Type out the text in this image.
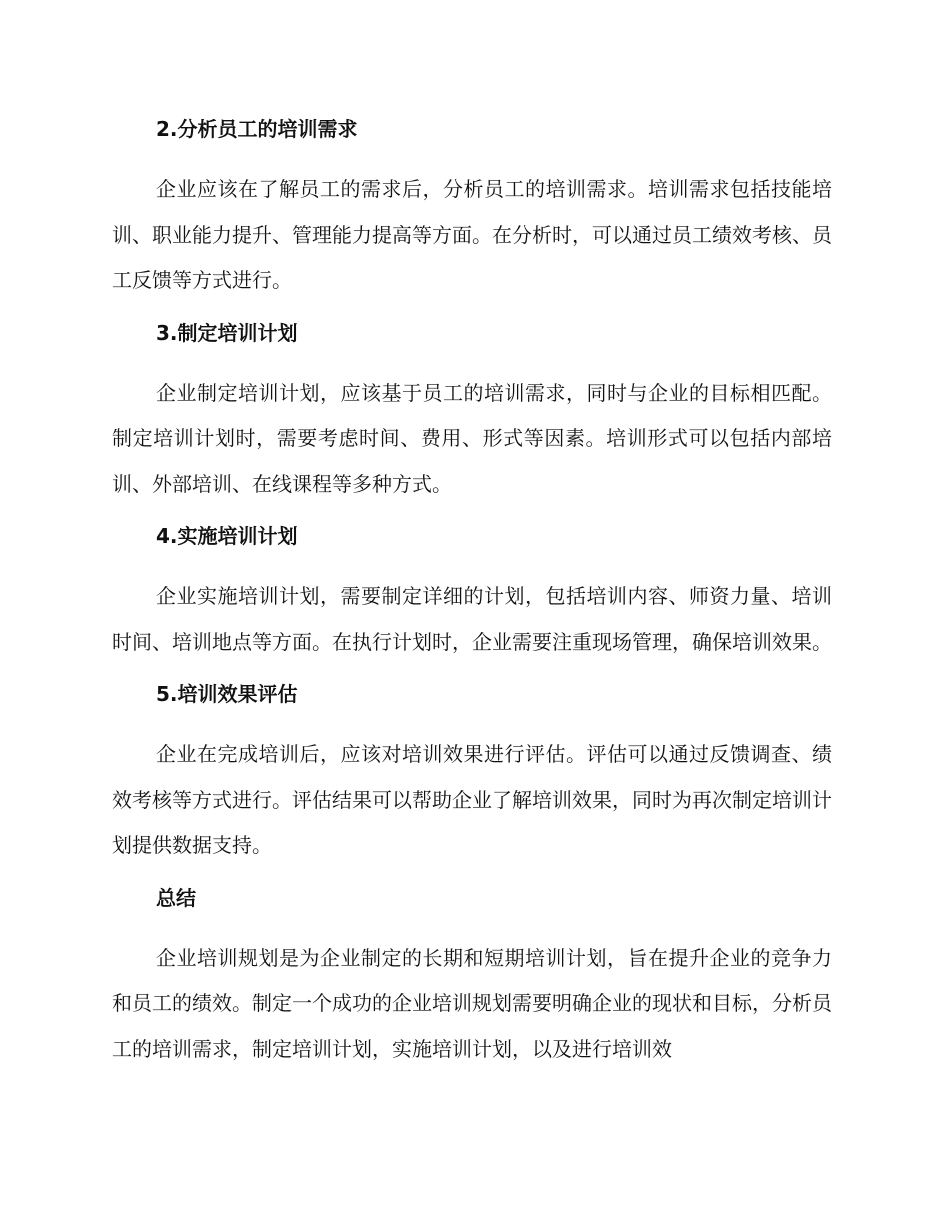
2.分析员工的培训需求

企业应该在了解员工的需求后，分析员工的培训需求。培训需求包括技能培训、职业能力提升、管理能力提高等方面。在分析时，可以通过员工绩效考核、员工反馈等方式进行。

3.制定培训计划

企业制定培训计划，应该基于员工的培训需求，同时与企业的目标相匹配。制定培训计划时，需要考虑时间、费用、形式等因素。培训形式可以包括内部培训、外部培训、在线课程等多种方式。

4.实施培训计划

企业实施培训计划，需要制定详细的计划，包括培训内容、师资力量、培训时间、培训地点等方面。在执行计划时，企业需要注重现场管理，确保培训效果。

5.培训效果评估

企业在完成培训后，应该对培训效果进行评估。评估可以通过反馈调查、绩效考核等方式进行。评估结果可以帮助企业了解培训效果，同时为再次制定培训计划提供数据支持。

总结

企业培训规划是为企业制定的长期和短期培训计划，旨在提升企业的竞争力和员工的绩效。制定一个成功的企业培训规划需要明确企业的现状和目标，分析员工的培训需求，制定培训计划，实施培训计划，以及进行培训效
